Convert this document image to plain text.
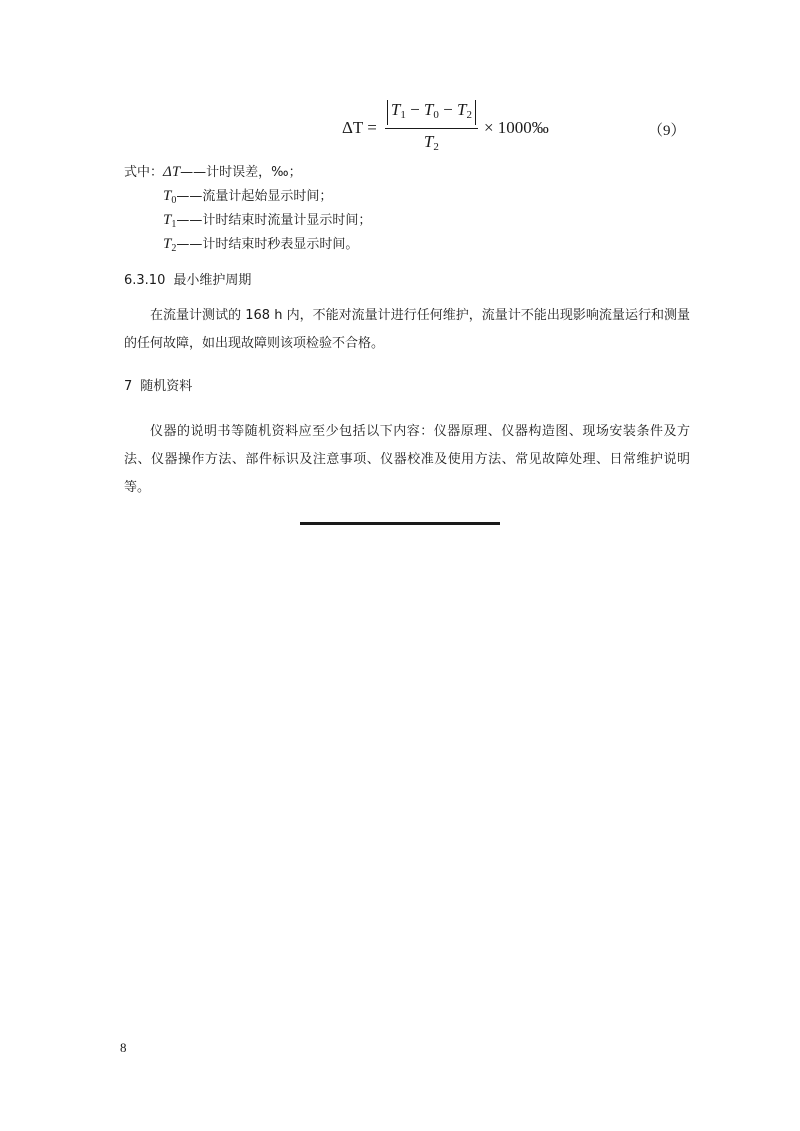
$\Delta T = \frac{T_1 - T_0 - T_2}{T_2}$ × 1000‰	（9）
式中：ΔT——计时误差，‰；
$T_0——$流量计起始显示时间；
$T_1——$计时结束时流量计显示时间；
$T_2——$计时结束时秒表显示时间。
6.3.10 最小维护周期
在流量计测试的 168 h 内，不能对流量计进行任何维护，流量计不能出现影响流量运行和测量的任何故障，如出现故障则该项检验不合格。
7 随机资料
仪器的说明书等随机资料应至少包括以下内容：仪器原理、仪器构造图、现场安装条件及方法、仪器操作方法、部件标识及注意事项、仪器校准及使用方法、常见故障处理、日常维护说明等。
8
